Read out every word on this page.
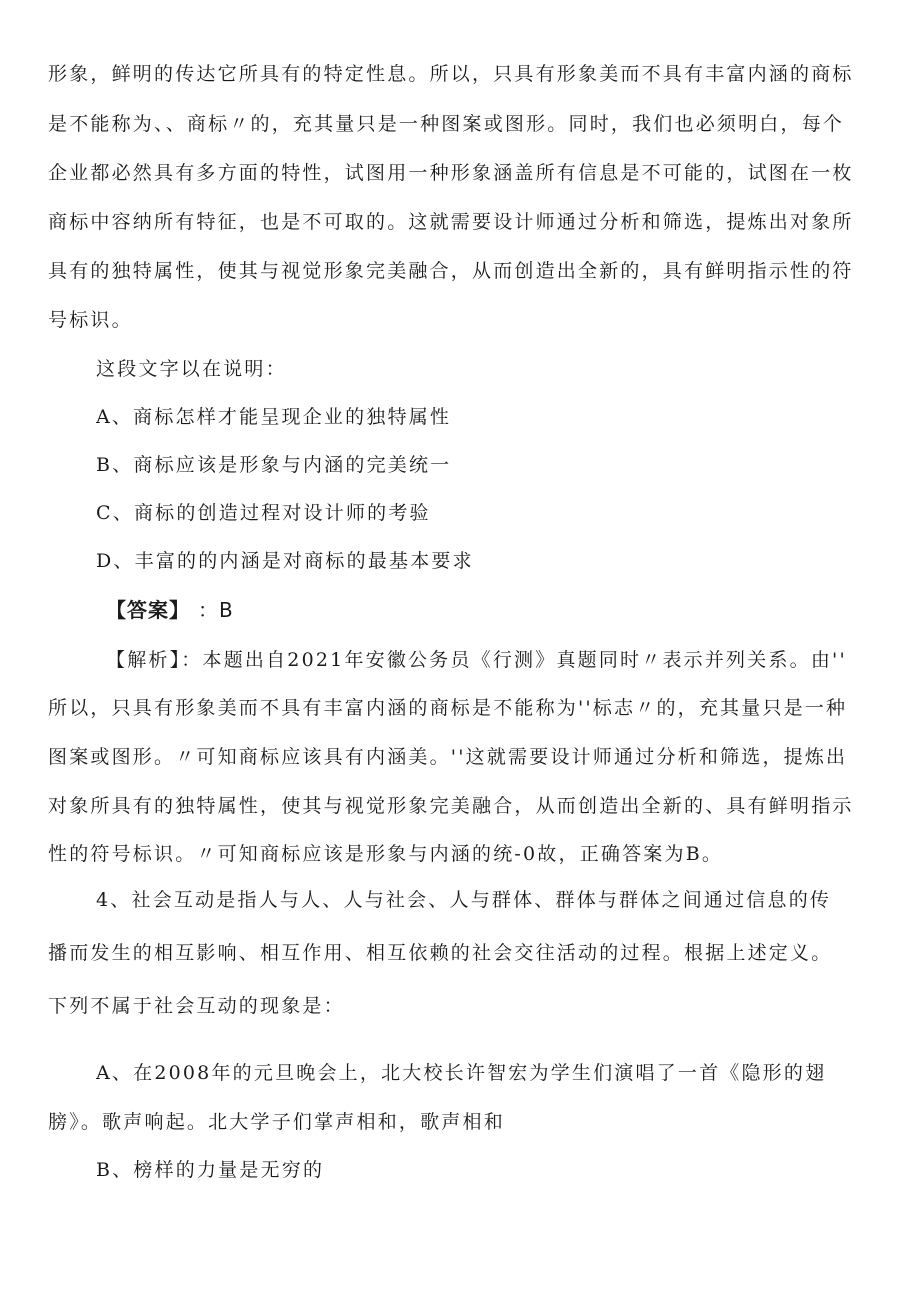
形象，鲜明的传达它所具有的特定性息。所以，只具有形象美而不具有丰富内涵的商标
是不能称为、、商标〃的，充其量只是一种图案或图形。同时，我们也必须明白，每个
企业都必然具有多方面的特性，试图用一种形象涵盖所有信息是不可能的，试图在一枚
商标中容纳所有特征，也是不可取的。这就需要设计师通过分析和筛选，提炼出对象所
具有的独特属性，使其与视觉形象完美融合，从而创造出全新的，具有鲜明指示性的符
号标识。
这段文字以在说明：
A、商标怎样才能呈现企业的独特属性
B、商标应该是形象与内涵的完美统一
C、商标的创造过程对设计师的考验
D、丰富的的内涵是对商标的最基本要求
【答案】 ：B
【解析】：本题出自2021年安徽公务员《行测》真题同时〃表示并列关系。由''
所以，只具有形象美而不具有丰富内涵的商标是不能称为''标志〃的，充其量只是一种
图案或图形。〃可知商标应该具有内涵美。''这就需要设计师通过分析和筛选，提炼出
对象所具有的独特属性，使其与视觉形象完美融合，从而创造出全新的、具有鲜明指示
性的符号标识。〃可知商标应该是形象与内涵的统-0故，正确答案为B。
4、社会互动是指人与人、人与社会、人与群体、群体与群体之间通过信息的传
播而发生的相互影响、相互作用、相互依赖的社会交往活动的过程。根据上述定义。
下列不属于社会互动的现象是：
A、在2008年的元旦晚会上，北大校长许智宏为学生们演唱了一首《隐形的翅
膀》。歌声响起。北大学子们掌声相和，歌声相和
B、榜样的力量是无穷的
